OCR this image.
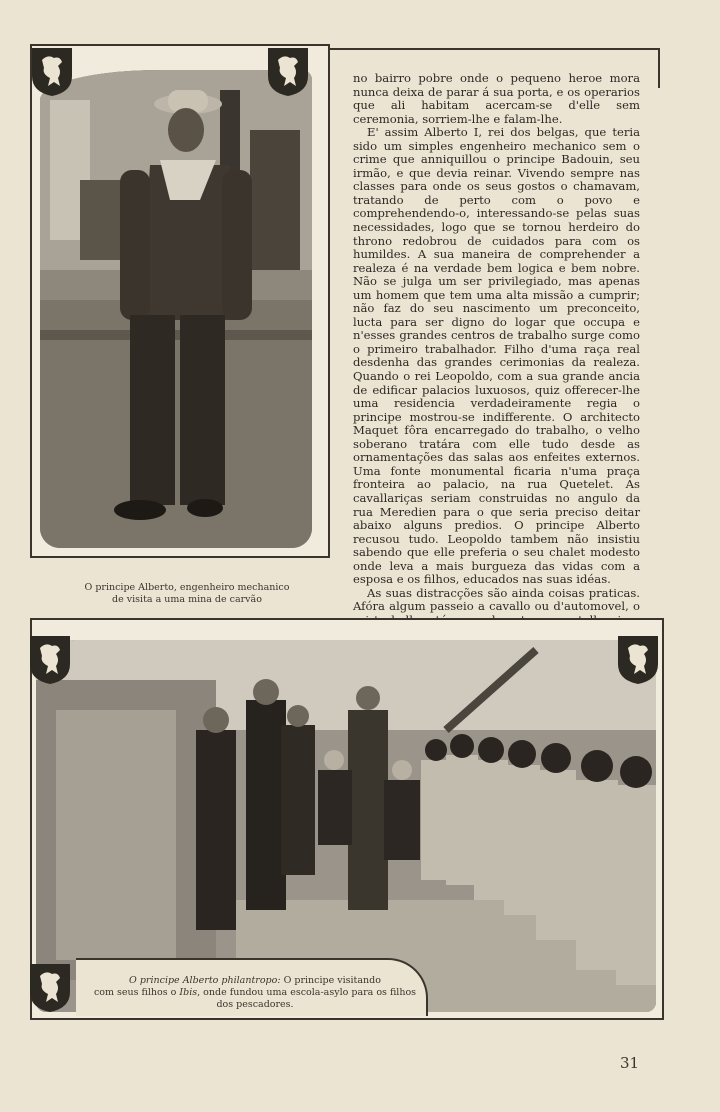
O principe Alberto, engenheiro mechanico
de visita a uma mina de carvão

no bairro pobre onde o pequeno heroe mora nunca deixa de parar á sua porta, e os operarios que ali habitam acercam-se d'elle sem ceremonia, sorriem-lhe e falam-lhe.

E' assim Alberto I, rei dos belgas, que teria sido um simples engenheiro mechanico sem o crime que anniquillou o principe Badouin, seu irmão, e que devia reinar. Vivendo sempre nas classes para onde os seus gostos o chamavam, tratando de perto com o povo e comprehendendo-o, interessando-se pelas suas necessidades, logo que se tornou herdeiro do throno redobrou de cuidados para com os humildes. A sua maneira de comprehender a realeza é na verdade bem logica e bem nobre. Não se julga um ser privilegiado, mas apenas um homem que tem uma alta missão a cumprir; não faz do seu nascimento um preconceito, lucta para ser digno do logar que occupa e n'esses grandes centros de trabalho surge como o primeiro trabalhador. Filho d'uma raça real desdenha das grandes cerimonias da realeza. Quando o rei Leopoldo, com a sua grande ancia de edificar palacios luxuosos, quiz offerecer-lhe uma residencia verdadeiramente regia o principe mostrou-se indifferente. O architecto Maquet fôra encarregado do trabalho, o velho soberano tratára com elle tudo desde as ornamentações das salas aos enfeites externos. Uma fonte monumental ficaria n'uma praça fronteira ao palacio, na rua Quetelet. As cavallariças seriam construidas no angulo da rua Meredien para o que seria preciso deitar abaixo alguns predios. O principe Alberto recusou tudo. Leopoldo tambem não insistiu sabendo que elle preferia o seu chalet modesto onde leva a mais burgueza das vidas com a esposa e os filhos, educados nas suas idéas.

As suas distracções são ainda coisas praticas. Afóra algum passeio a cavallo ou d'automovel, o

O principe Alberto philantropo: O principe visitando
com seus filhos o Ibis, onde fundou uma escola-asylo para os filhos
dos pescadores.
31
